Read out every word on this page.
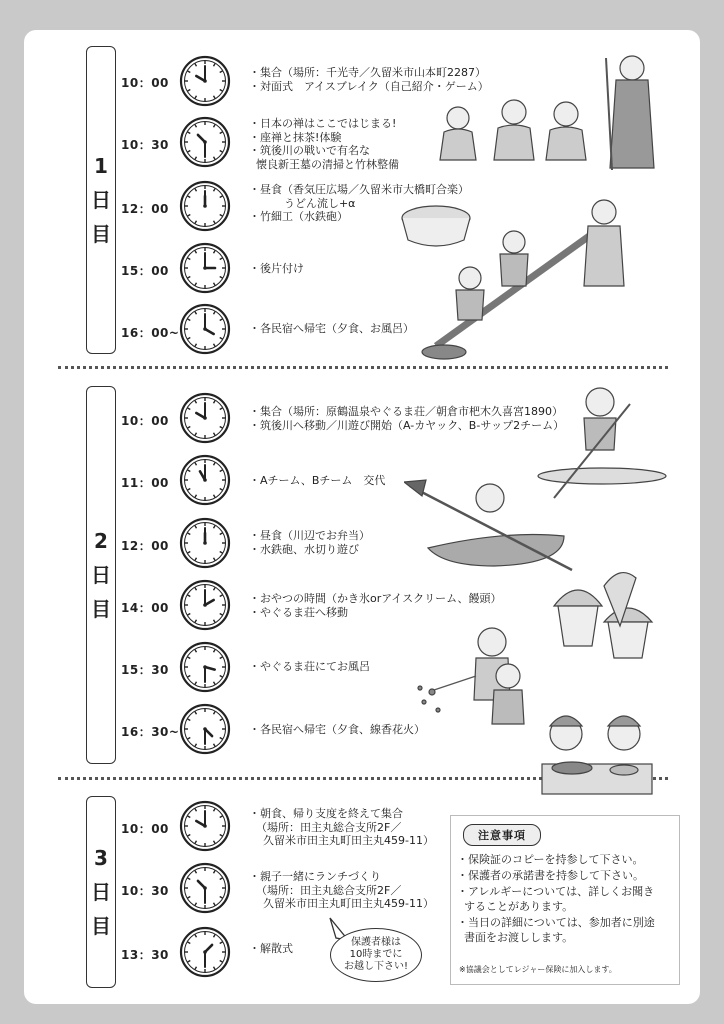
1
日
目
2
日
目
3
日
目
10：00
・集合（場所：千光寺／久留米市山本町2287）
・対面式　アイスブレイク（自己紹介・ゲーム）
10：30
・日本の禅はここではじまる!
・座禅と抹茶!体験
・筑後川の戦いで有名な
懐良新王墓の清掃と竹林整備
12：00
・昼食（香気圧広場／久留米市大橋町合楽）
うどん流し+α
・竹細工（水鉄砲）
15：00	・後片付け
16：00~	・各民宿へ帰宅（夕食、お風呂）
10：00
・集合（場所：原鶴温泉やぐるま荘／朝倉市杷木久喜宮1890）
・筑後川へ移動／川遊び開始（A-カヤック、B-サップ2チーム）
11：00	・Aチーム、Bチーム　交代
12：00
・昼食（川辺でお弁当）
・水鉄砲、水切り遊び
14：00
・おやつの時間（かき氷orアイスクリーム、饅頭）
・やぐるま荘へ移動
15：30	・やぐるま荘にてお風呂
16：30~	・各民宿へ帰宅（夕食、線香花火）
10：00
・朝食、帰り支度を終えて集合
（場所：田主丸総合支所2F／
久留米市田主丸町田主丸459-11）
10：30
・親子一緒にランチづくり
（場所：田主丸総合支所2F／
久留米市田主丸町田主丸459-11）
13：30	・解散式	保護者様は
10時までに
お越し下さい!
注意事項
・保険証のコピーを持参して下さい。
・保護者の承諾書を持参して下さい。
・アレルギーについては、詳しくお聞き
することがあります。
・当日の詳細については、参加者に別途
書面をお渡しします。
※協議会としてレジャー保険に加入します。
